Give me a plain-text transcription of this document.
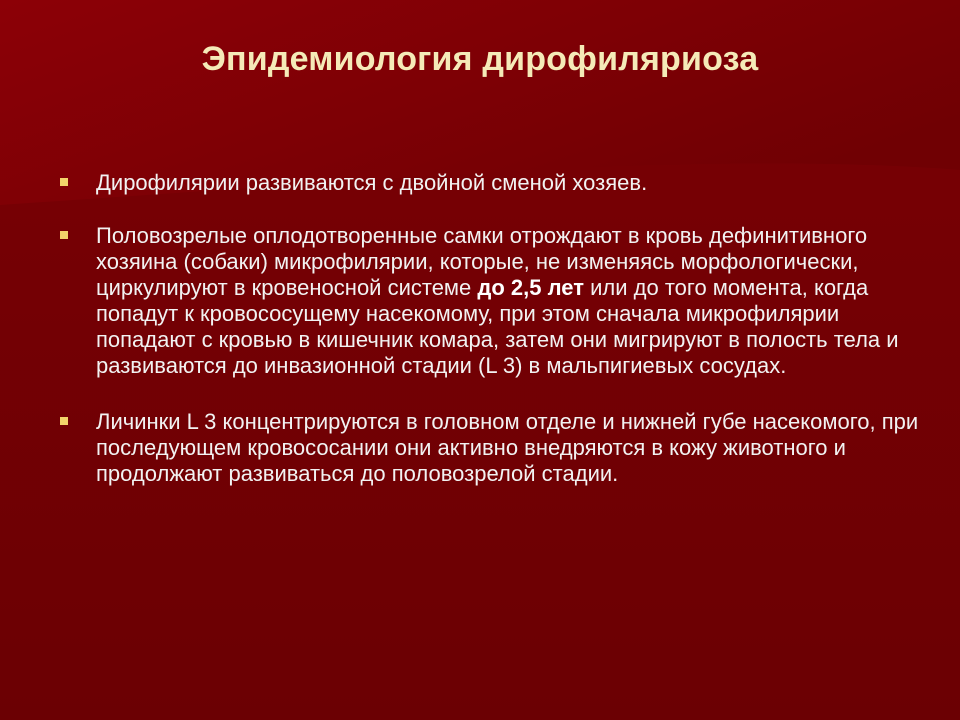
Эпидемиология дирофиляриоза
Дирофилярии развиваются с двойной сменой хозяев.
Половозрелые оплодотворенные самки отрождают в кровь дефинитивного хозяина (собаки) микрофилярии, которые, не изменяясь морфологически, циркулируют в кровеносной системе до 2,5 лет или до того момента, когда попадут к кровососущему насекомому, при этом сначала микрофилярии попадают с кровью в кишечник комара, затем они мигрируют в полость тела и развиваются до инвазионной стадии (L 3) в мальпигиевых сосудах.
Личинки L 3 концентрируются в головном отделе и нижней губе насекомого, при последующем кровососании они активно внедряются в кожу животного и продолжают развиваться до половозрелой стадии.
